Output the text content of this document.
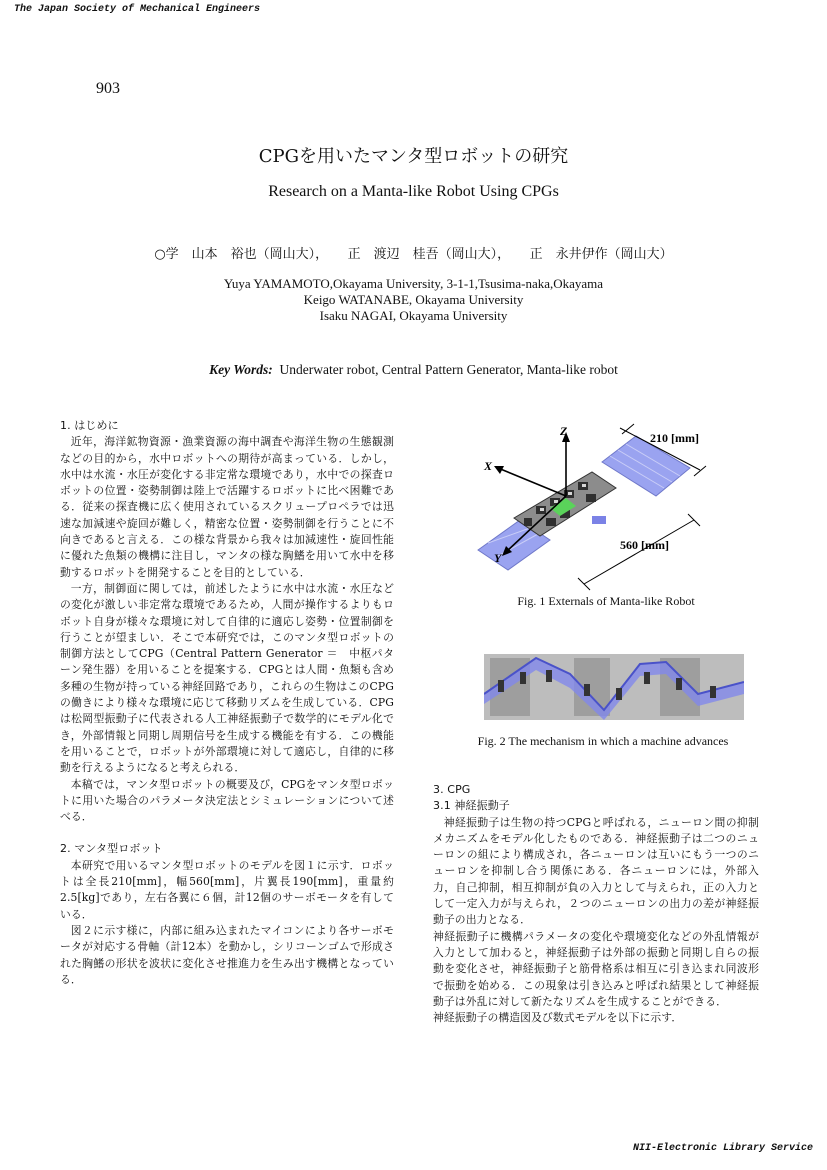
The Japan Society of Mechanical Engineers
903
CPGを用いたマンタ型ロボットの研究
Research on a Manta-like Robot Using CPGs
○学　山本　裕也（岡山大），　　正　渡辺　桂吾（岡山大），　　正　永井伊作（岡山大）
Yuya YAMAMOTO,Okayama University, 3-1-1,Tsusima-naka,Okayama
Keigo WATANABE, Okayama University
Isaku NAGAI, Okayama University
Key Words: Underwater robot, Central Pattern Generator, Manta-like robot
1. はじめに

近年，海洋鉱物資源・漁業資源の海中調査や海洋生物の生態観測などの目的から，水中ロボットへの期待が高まっている．しかし，水中は水流・水圧が変化する非定常な環境であり，水中での探査ロボットの位置・姿勢制御は陸上で活躍するロボットに比べ困難である．従来の探査機に広く使用されているスクリュープロペラでは迅速な加減速や旋回が難しく，精密な位置・姿勢制御を行うことに不向きであると言える．この様な背景から我々は加減速性・旋回性能に優れた魚類の機構に注目し，マンタの様な胸鰭を用いて水中を移動するロボットを開発することを目的としている．

一方，制御面に関しては，前述したように水中は水流・水圧などの変化が激しい非定常な環境であるため，人間が操作するよりもロボット自身が様々な環境に対して自律的に適応し姿勢・位置制御を行うことが望ましい．そこで本研究では，このマンタ型ロボットの制御方法としてCPG（Central Pattern Generator ＝　中枢パターン発生器）を用いることを提案する．CPGとは人間・魚類も含め多種の生物が持っている神経回路であり，これらの生物はこのCPGの働きにより様々な環境に応じて移動リズムを生成している．CPGは松岡型振動子に代表される人工神経振動子で数学的にモデル化でき，外部情報と同期し周期信号を生成する機能を有する．この機能を用いることで，ロボットが外部環境に対して適応し，自律的に移動を行えるようになると考えられる．

本稿では，マンタ型ロボットの概要及び，CPGをマンタ型ロボットに用いた場合のパラメータ決定法とシミュレーションについて述べる．

2. マンタ型ロボット

本研究で用いるマンタ型ロボットのモデルを図１に示す．ロボットは全長210[mm]，幅560[mm]，片翼長190[mm]，重量約2.5[kg]であり，左右各翼に６個，計12個のサーボモータを有している．

図２に示す様に，内部に組み込まれたマイコンにより各サーボモータが対応する骨軸（計12本）を動かし，シリコーンゴムで形成された胸鰭の形状を波状に変化させ推進力を生み出す機構となっている．

Z
X
Y
210 [mm]
560 [mm]
Fig. 1 Externals of Manta-like Robot
Fig. 2 The mechanism in which a machine advances
3. CPG
3.1 神経振動子

神経振動子は生物の持つCPGと呼ばれる，ニューロン間の抑制メカニズムをモデル化したものである．神経振動子は二つのニューロンの組により構成され，各ニューロンは互いにもう一つのニューロンを抑制し合う関係にある．各ニューロンには，外部入力，自己抑制，相互抑制が負の入力として与えられ，正の入力として一定入力が与えられ，２つのニューロンの出力の差が神経振動子の出力となる．

神経振動子に機構パラメータの変化や環境変化などの外乱情報が入力として加わると，神経振動子は外部の振動と同期し自らの振動を変化させ，神経振動子と筋骨格系は相互に引き込まれ同波形で振動を始める．この現象は引き込みと呼ばれ結果として神経振動子は外乱に対して新たなリズムを生成することができる．

神経振動子の構造図及び数式モデルを以下に示す．

NII-Electronic Library Service
